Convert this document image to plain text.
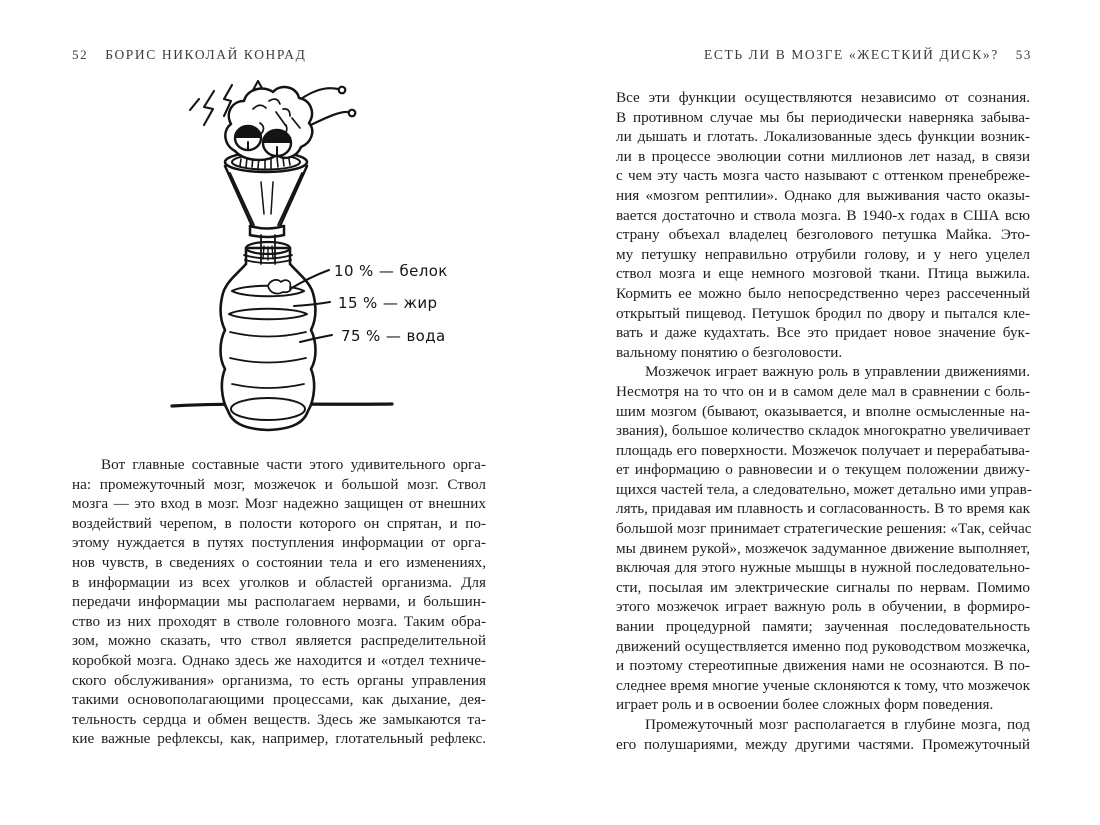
52 БОРИС НИКОЛАЙ КОНРАД
10 % — белок
15 % — жир
75 % — вода
Вот главные составные части этого удивительного орга-
на: промежуточный мозг, мозжечок и большой мозг. Ствол
мозга — это вход в мозг. Мозг надежно защищен от внешних
воздействий черепом, в полости которого он спрятан, и по-
этому нуждается в путях поступления информации от орга-
нов чувств, в сведениях о состоянии тела и его изменениях,
в информации из всех уголков и областей организма. Для
передачи информации мы располагаем нервами, и большин-
ство из них проходят в стволе головного мозга. Таким обра-
зом, можно сказать, что ствол является распределительной
коробкой мозга. Однако здесь же находится и «отдел техниче-
ского обслуживания» организма, то есть органы управления
такими основополагающими процессами, как дыхание, дея-
тельность сердца и обмен веществ. Здесь же замыкаются та-
кие важные рефлексы, как, например, глотательный рефлекс.
ЕСТЬ ЛИ В МОЗГЕ «ЖЕСТКИЙ ДИСК»? 53
Все эти функции осуществляются независимо от сознания.
В противном случае мы бы периодически наверняка забыва-
ли дышать и глотать. Локализованные здесь функции возник-
ли в процессе эволюции сотни миллионов лет назад, в связи
с чем эту часть мозга часто называют с оттенком пренебреже-
ния «мозгом рептилии». Однако для выживания часто оказы-
вается достаточно и ствола мозга. В 1940-х годах в США всю
страну объехал владелец безголового петушка Майка. Это-
му петушку неправильно отрубили голову, и у него уцелел
ствол мозга и еще немного мозговой ткани. Птица выжила.
Кормить ее можно было непосредственно через рассеченный
открытый пищевод. Петушок бродил по двору и пытался кле-
вать и даже кудахтать. Все это придает новое значение бук-
вальному понятию о безголовости.
Мозжечок играет важную роль в управлении движениями.
Несмотря на то что он и в самом деле мал в сравнении с боль-
шим мозгом (бывают, оказывается, и вполне осмысленные на-
звания), большое количество складок многократно увеличивает
площадь его поверхности. Мозжечок получает и перерабатыва-
ет информацию о равновесии и о текущем положении движу-
щихся частей тела, а следовательно, может детально ими управ-
лять, придавая им плавность и согласованность. В то время как
большой мозг принимает стратегические решения: «Так, сейчас
мы двинем рукой», мозжечок задуманное движение выполняет,
включая для этого нужные мышцы в нужной последовательно-
сти, посылая им электрические сигналы по нервам. Помимо
этого мозжечок играет важную роль в обучении, в формиро-
вании процедурной памяти; заученная последовательность
движений осуществляется именно под руководством мозжечка,
и поэтому стереотипные движения нами не осознаются. В по-
следнее время многие ученые склоняются к тому, что мозжечок
играет роль и в освоении более сложных форм поведения.
Промежуточный мозг располагается в глубине мозга, под
его полушариями, между другими частями. Промежуточный
